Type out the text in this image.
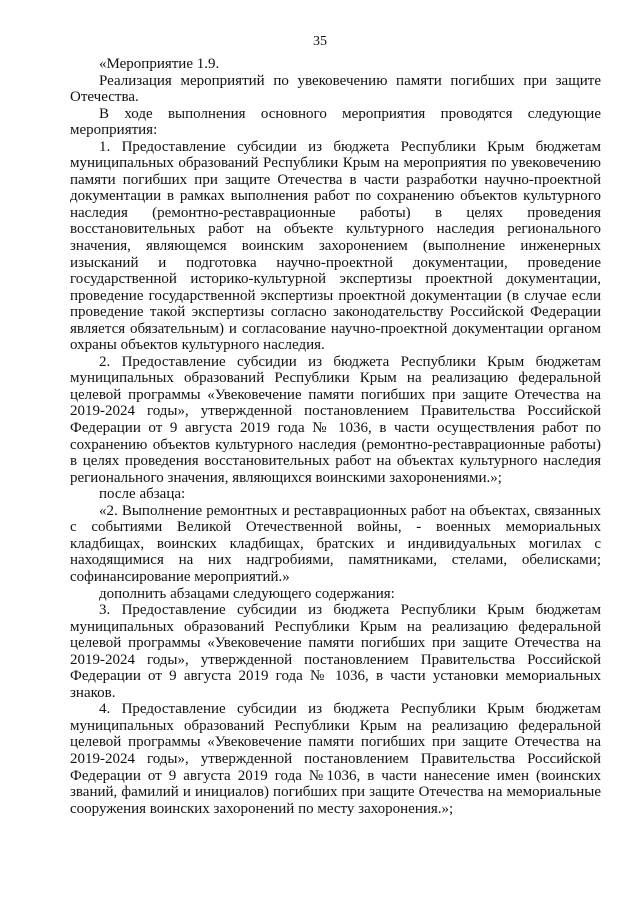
35

«Мероприятие 1.9.

Реализация мероприятий по увековечению памяти погибших при защите Отечества.

В ходе выполнения основного мероприятия проводятся следующие мероприятия:

1. Предоставление субсидии из бюджета Республики Крым бюджетам муниципальных образований Республики Крым на мероприятия по увековечению памяти погибших при защите Отечества в части разработки научно-проектной документации в рамках выполнения работ по сохранению объектов культурного наследия (ремонтно-реставрационные работы) в целях проведения восстановительных работ на объекте культурного наследия регионального значения, являющемся воинским захоронением (выполнение инженерных изысканий и подготовка научно-проектной документации, проведение государственной историко-культурной экспертизы проектной документации, проведение государственной экспертизы проектной документации (в случае если проведение такой экспертизы согласно законодательству Российской Федерации является обязательным) и согласование научно-проектной документации органом охраны объектов культурного наследия.

2. Предоставление субсидии из бюджета Республики Крым бюджетам муниципальных образований Республики Крым на реализацию федеральной целевой программы «Увековечение памяти погибших при защите Отечества на 2019-2024 годы», утвержденной постановлением Правительства Российской Федерации от 9 августа 2019 года № 1036, в части осуществления работ по сохранению объектов культурного наследия (ремонтно-реставрационные работы) в целях проведения восстановительных работ на объектах культурного наследия регионального значения, являющихся воинскими захоронениями.»;

после абзаца:

«2. Выполнение ремонтных и реставрационных работ на объектах, связанных с событиями Великой Отечественной войны, - военных мемориальных кладбищах, воинских кладбищах, братских и индивидуальных могилах с находящимися на них надгробиями, памятниками, стелами, обелисками; софинансирование мероприятий.»

дополнить абзацами следующего содержания:

3. Предоставление субсидии из бюджета Республики Крым бюджетам муниципальных образований Республики Крым на реализацию федеральной целевой программы «Увековечение памяти погибших при защите Отечества на 2019-2024 годы», утвержденной постановлением Правительства Российской Федерации от 9 августа 2019 года № 1036, в части установки мемориальных знаков.

4. Предоставление субсидии из бюджета Республики Крым бюджетам муниципальных образований Республики Крым на реализацию федеральной целевой программы «Увековечение памяти погибших при защите Отечества на 2019-2024 годы», утвержденной постановлением Правительства Российской Федерации от 9 августа 2019 года №1036, в части нанесение имен (воинских званий, фамилий и инициалов) погибших при защите Отечества на мемориальные сооружения воинских захоронений по месту захоронения.»;
